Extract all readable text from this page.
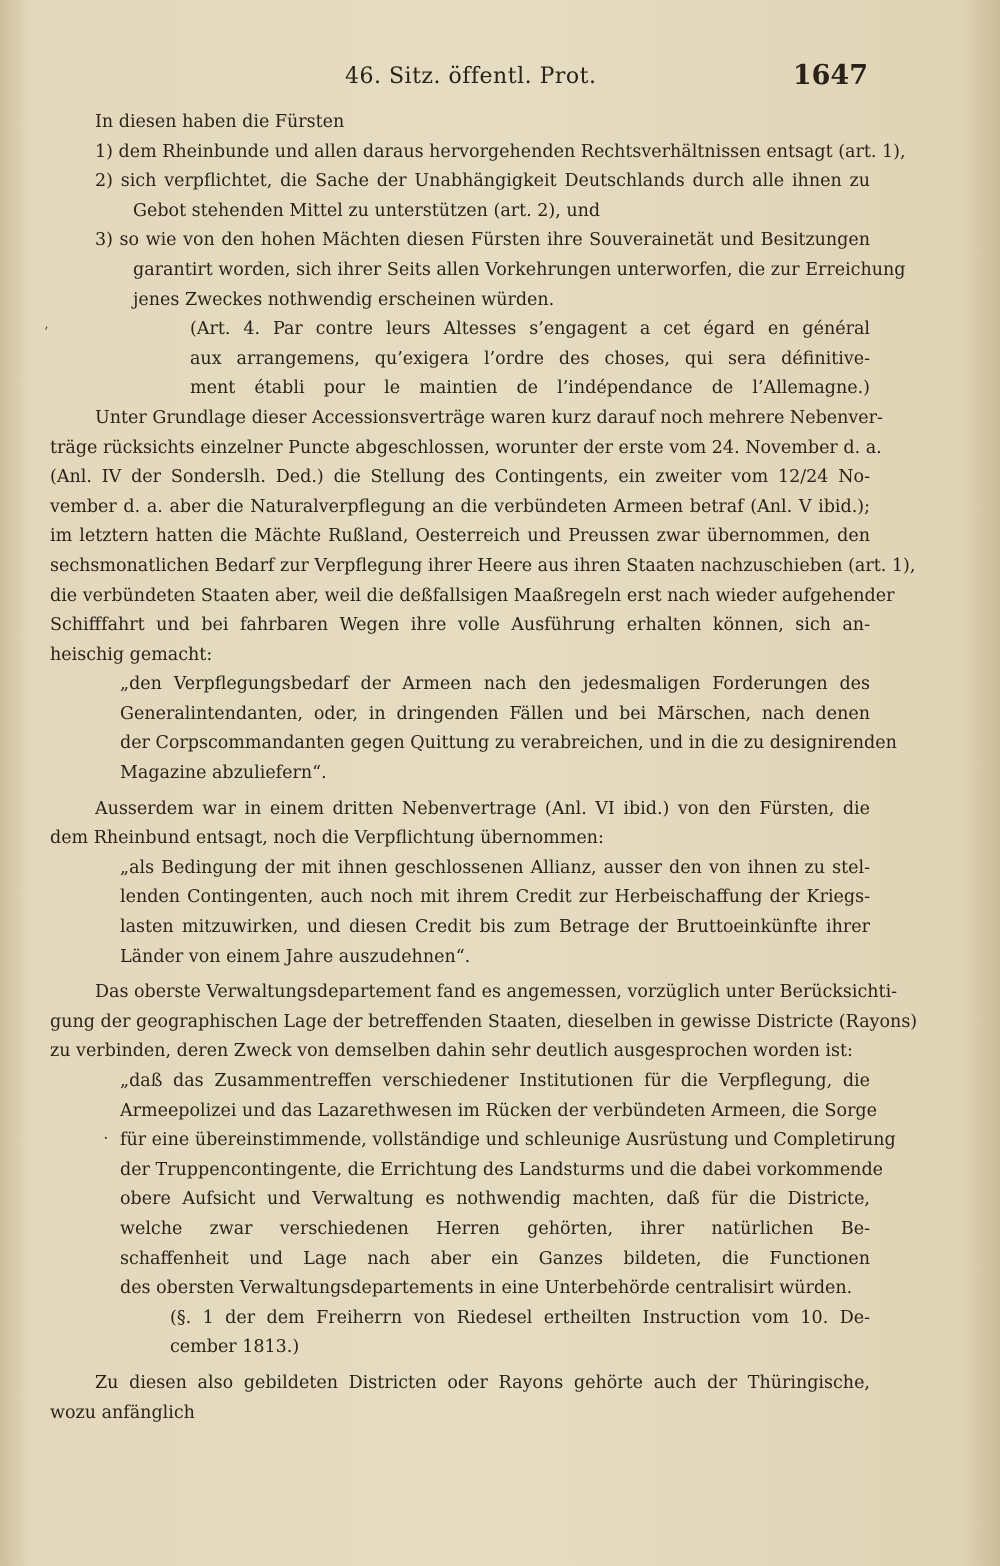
46. Sitz. öffentl. Prot.	1647
’
·
In diesen haben die Fürsten
1) dem Rheinbunde und allen daraus hervorgehenden Rechtsverhältnissen entsagt (art. 1),
2) sich verpflichtet, die Sache der Unabhängigkeit Deutschlands durch alle ihnen zu
Gebot stehenden Mittel zu unterstützen (art. 2), und
3) so wie von den hohen Mächten diesen Fürsten ihre Souverainetät und Besitzungen
garantirt worden, sich ihrer Seits allen Vorkehrungen unterworfen, die zur Erreichung
jenes Zweckes nothwendig erscheinen würden.
(Art. 4. Par contre leurs Altesses s’engagent a cet égard en général
aux arrangemens, qu’exigera l’ordre des choses, qui sera définitive-
ment établi pour le maintien de l’indépendance de l’Allemagne.)
Unter Grundlage dieser Accessionsverträge waren kurz darauf noch mehrere Nebenver-
träge rücksichts einzelner Puncte abgeschlossen, worunter der erste vom 24. November d. a.
(Anl. IV der Sonderslh. Ded.) die Stellung des Contingents, ein zweiter vom 12/24 No-
vember d. a. aber die Naturalverpflegung an die verbündeten Armeen betraf (Anl. V ibid.);
im letztern hatten die Mächte Rußland, Oesterreich und Preussen zwar übernommen, den
sechsmonatlichen Bedarf zur Verpflegung ihrer Heere aus ihren Staaten nachzuschieben (art. 1),
die verbündeten Staaten aber, weil die deßfallsigen Maaßregeln erst nach wieder aufgehender
Schifffahrt und bei fahrbaren Wegen ihre volle Ausführung erhalten können, sich an-
heischig gemacht:
„den Verpflegungsbedarf der Armeen nach den jedesmaligen Forderungen des
Generalintendanten, oder, in dringenden Fällen und bei Märschen, nach denen
der Corpscommandanten gegen Quittung zu verabreichen, und in die zu designirenden
Magazine abzuliefern“.
Ausserdem war in einem dritten Nebenvertrage (Anl. VI ibid.) von den Fürsten, die
dem Rheinbund entsagt, noch die Verpflichtung übernommen:
„als Bedingung der mit ihnen geschlossenen Allianz, ausser den von ihnen zu stel-
lenden Contingenten, auch noch mit ihrem Credit zur Herbeischaffung der Kriegs-
lasten mitzuwirken, und diesen Credit bis zum Betrage der Bruttoeinkünfte ihrer
Länder von einem Jahre auszudehnen“.
Das oberste Verwaltungsdepartement fand es angemessen, vorzüglich unter Berücksichti-
gung der geographischen Lage der betreffenden Staaten, dieselben in gewisse Districte (Rayons)
zu verbinden, deren Zweck von demselben dahin sehr deutlich ausgesprochen worden ist:
„daß das Zusammentreffen verschiedener Institutionen für die Verpflegung, die
Armeepolizei und das Lazarethwesen im Rücken der verbündeten Armeen, die Sorge
für eine übereinstimmende, vollständige und schleunige Ausrüstung und Completirung
der Truppencontingente, die Errichtung des Landsturms und die dabei vorkommende
obere Aufsicht und Verwaltung es nothwendig machten, daß für die Districte,
welche zwar verschiedenen Herren gehörten, ihrer natürlichen Be-
schaffenheit und Lage nach aber ein Ganzes bildeten, die Functionen
des obersten Verwaltungsdepartements in eine Unterbehörde centralisirt würden.
(§. 1 der dem Freiherrn von Riedesel ertheilten Instruction vom 10. De-
cember 1813.)
Zu diesen also gebildeten Districten oder Rayons gehörte auch der Thüringische,
wozu anfänglich
